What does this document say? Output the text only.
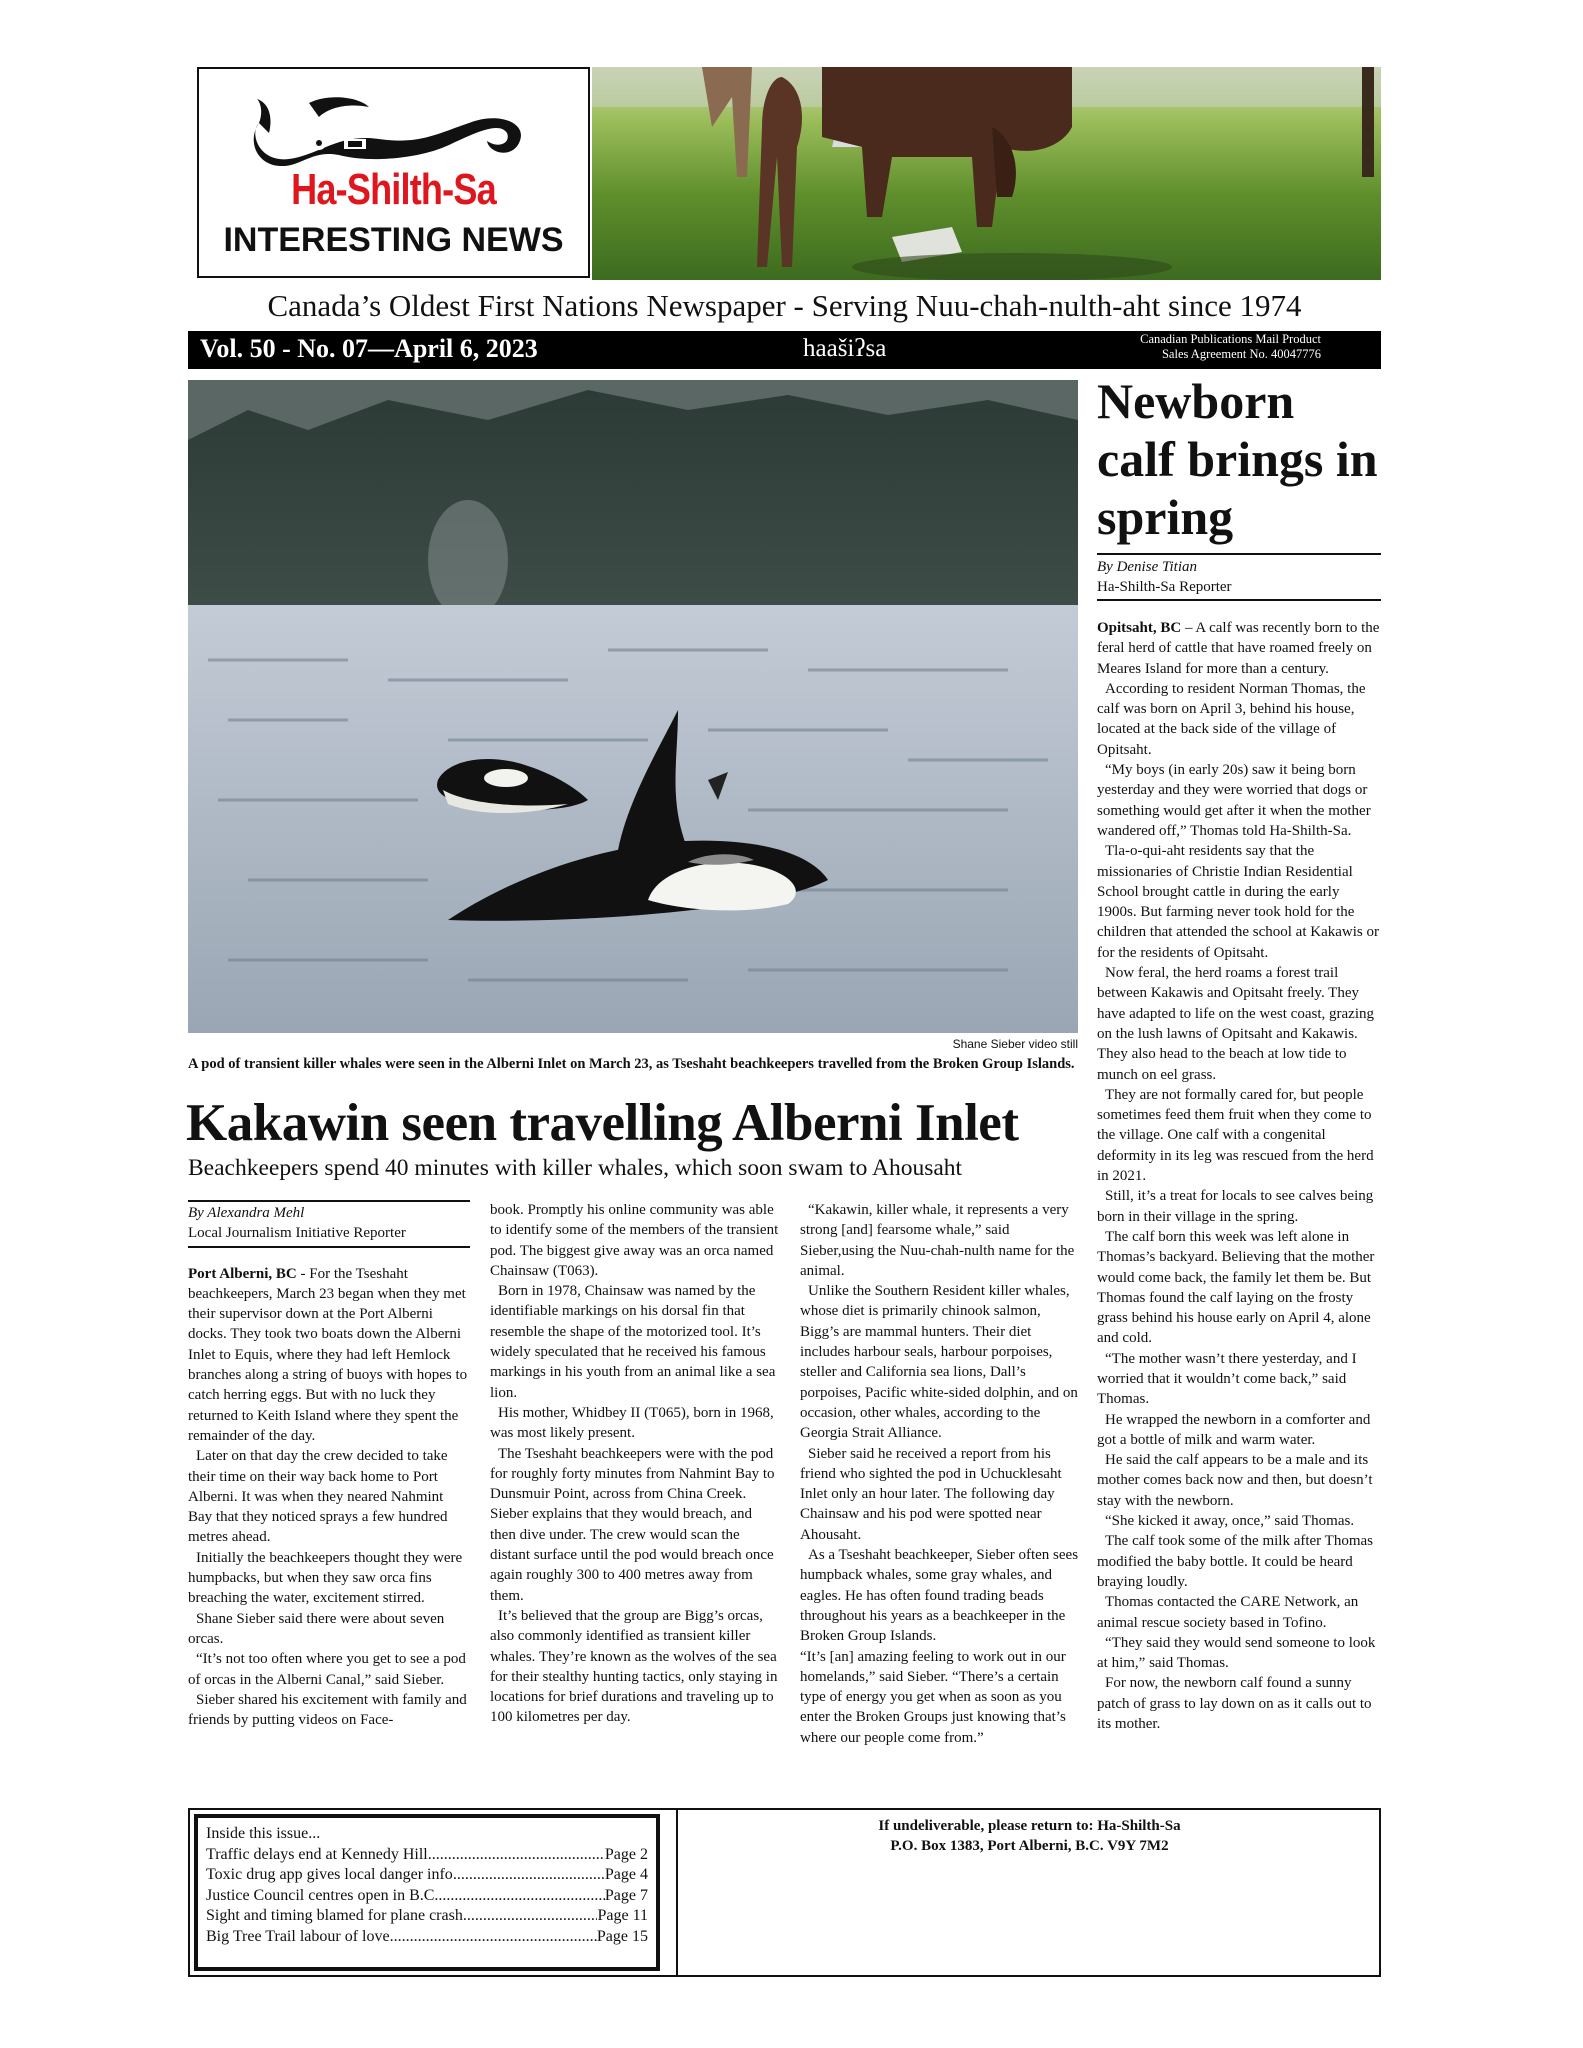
Ha-Shilth-Sa
INTERESTING NEWS
Canada’s Oldest First Nations Newspaper - Serving Nuu-chah-nulth-aht since 1974
Vol. 50 - No. 07—April 6, 2023	haašiʔsa	Canadian Publications Mail Product
Sales Agreement No. 40047776
Shane Sieber video still
A pod of transient killer whales were seen in the Alberni Inlet on March 23, as Tseshaht beachkeepers travelled from the Broken Group Islands.
Kakawin seen travelling Alberni Inlet
Beachkeepers spend 40 minutes with killer whales, which soon swam to Ahousaht
By Alexandra Mehl
Local Journalism Initiative Reporter

Port Alberni, BC - For the Tseshaht beachkeepers, March 23 began when they met their supervisor down at the Port Alberni docks. They took two boats down the Alberni Inlet to Equis, where they had left Hemlock branches along a string of buoys with hopes to catch herring eggs. But with no luck they returned to Keith Island where they spent the remainder of the day.

Later on that day the crew decided to take their time on their way back home to Port Alberni. It was when they neared Nahmint Bay that they noticed sprays a few hundred metres ahead.

Initially the beachkeepers thought they were humpbacks, but when they saw orca fins breaching the water, excitement stirred.

Shane Sieber said there were about seven orcas.

“It’s not too often where you get to see a pod of orcas in the Alberni Canal,” said Sieber.

Sieber shared his excitement with family and friends by putting videos on Face-

book. Promptly his online community was able to identify some of the members of the transient pod. The biggest give away was an orca named Chainsaw (T063).

Born in 1978, Chainsaw was named by the identifiable markings on his dorsal fin that resemble the shape of the motorized tool. It’s widely speculated that he received his famous markings in his youth from an animal like a sea lion.

His mother, Whidbey II (T065), born in 1968, was most likely present.

The Tseshaht beachkeepers were with the pod for roughly forty minutes from Nahmint Bay to Dunsmuir Point, across from China Creek. Sieber explains that they would breach, and then dive under. The crew would scan the distant surface until the pod would breach once again roughly 300 to 400 metres away from them.

It’s believed that the group are Bigg’s orcas, also commonly identified as transient killer whales. They’re known as the wolves of the sea for their stealthy hunting tactics, only staying in locations for brief durations and traveling up to 100 kilometres per day.

“Kakawin, killer whale, it represents a very strong [and] fearsome whale,” said Sieber,using the Nuu-chah-nulth name for the animal.

Unlike the Southern Resident killer whales, whose diet is primarily chinook salmon, Bigg’s are mammal hunters. Their diet includes harbour seals, harbour porpoises, steller and California sea lions, Dall’s porpoises, Pacific white-sided dolphin, and on occasion, other whales, according to the Georgia Strait Alliance.

Sieber said he received a report from his friend who sighted the pod in Uchucklesaht Inlet only an hour later. The following day Chainsaw and his pod were spotted near Ahousaht.

As a Tseshaht beachkeeper, Sieber often sees humpback whales, some gray whales, and eagles. He has often found trading beads throughout his years as a beachkeeper in the Broken Group Islands.

“It’s [an] amazing feeling to work out in our homelands,” said Sieber. “There’s a certain type of energy you get when as soon as you enter the Broken Groups just knowing that’s where our people come from.”

Newborn calf brings in spring
By Denise Titian
Ha-Shilth-Sa Reporter

Opitsaht, BC – A calf was recently born to the feral herd of cattle that have roamed freely on Meares Island for more than a century.

According to resident Norman Thomas, the calf was born on April 3, behind his house, located at the back side of the village of Opitsaht.

“My boys (in early 20s) saw it being born yesterday and they were worried that dogs or something would get after it when the mother wandered off,” Thomas told Ha-Shilth-Sa.

Tla-o-qui-aht residents say that the missionaries of Christie Indian Residential School brought cattle in during the early 1900s. But farming never took hold for the children that attended the school at Kakawis or for the residents of Opitsaht.

Now feral, the herd roams a forest trail between Kakawis and Opitsaht freely. They have adapted to life on the west coast, grazing on the lush lawns of Opitsaht and Kakawis. They also head to the beach at low tide to munch on eel grass.

They are not formally cared for, but people sometimes feed them fruit when they come to the village. One calf with a congenital deformity in its leg was rescued from the herd in 2021.

Still, it’s a treat for locals to see calves being born in their village in the spring.

The calf born this week was left alone in Thomas’s backyard. Believing that the mother would come back, the family let them be. But Thomas found the calf laying on the frosty grass behind his house early on April 4, alone and cold.

“The mother wasn’t there yesterday, and I worried that it wouldn’t come back,” said Thomas.

He wrapped the newborn in a comforter and got a bottle of milk and warm water.

He said the calf appears to be a male and its mother comes back now and then, but doesn’t stay with the newborn.

“She kicked it away, once,” said Thomas.

The calf took some of the milk after Thomas modified the baby bottle. It could be heard braying loudly.

Thomas contacted the CARE Network, an animal rescue society based in Tofino.

“They said they would send someone to look at him,” said Thomas.

For now, the newborn calf found a sunny patch of grass to lay down on as it calls out to its mother.

Inside this issue...
Traffic delays end at Kennedy Hill .....	Page 2
Toxic drug app gives local danger info .....	Page 4
Justice Council centres open in B.C .....	Page 7
Sight and timing blamed for plane crash .....	Page 11
Big Tree Trail labour of love .....	Page 15
If undeliverable, please return to: Ha-Shilth-Sa
P.O. Box 1383, Port Alberni, B.C. V9Y 7M2
